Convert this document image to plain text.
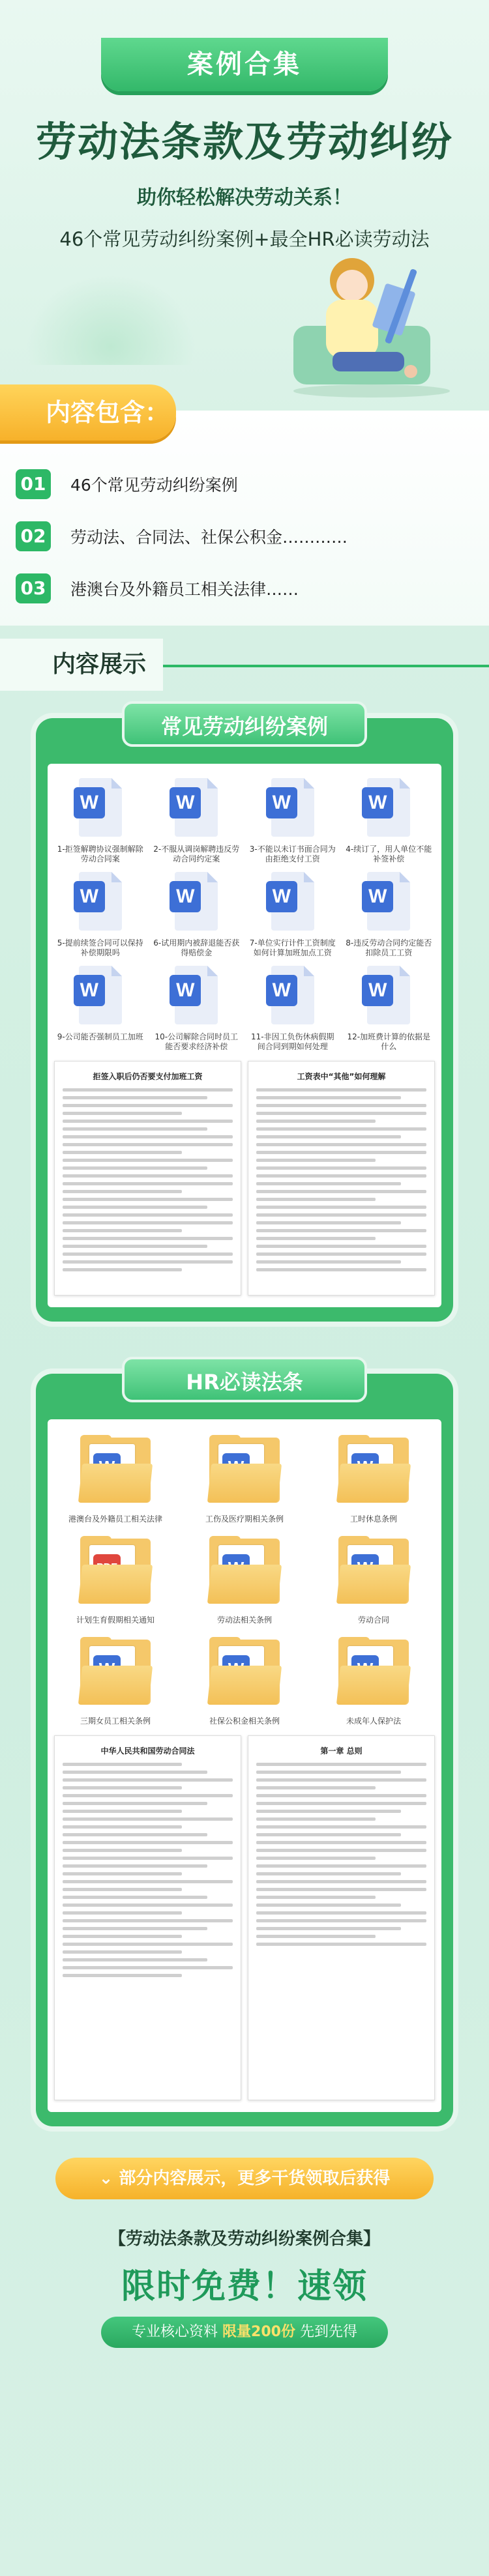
案例合集
劳动法条款及劳动纠纷
助你轻松解决劳动关系！
46个常见劳动纠纷案例+最全HR必读劳动法
内容包含：
01	46个常见劳动纠纷案例
02	劳动法、合同法、社保公积金…………
03	港澳台及外籍员工相关法律……
内容展示
常见劳动纠纷案例
W
1-拒签解聘协议强制解除劳动合同案
W
2-不服从调岗解聘违反劳动合同约定案
W
3-不能以未订书面合同为由拒绝支付工资
W
4-续订了，用人单位不能补签补偿
W
5-提前续签合同可以保持补偿期限吗
W
6-试用期内被辞退能否获得赔偿金
W
7-单位实行计件工资制度如何计算加班加点工资
W
8-违反劳动合同约定能否扣除员工工资
W
9-公司能否强制员工加班
W
10-公司解除合同时员工能否要求经济补偿
W
11-非因工负伤休病假期间合同到期如何处理
W
12-加班费计算的依据是什么
拒签入职后仍否要支付加班工资	工资表中“其他”如何理解
HR必读法条
港澳台及外籍员工相关法律	工伤及医疗期相关条例	工时休息条例
计划生育假期相关通知	劳动法相关条例	劳动合同
三期女员工相关条例	社保公积金相关条例	未成年人保护法
中华人民共和国劳动合同法	第一章 总则
⌄ 部分内容展示，更多干货领取后获得
【劳动法条款及劳动纠纷案例合集】
限时免费！速领
专业核心资料 限量200份 先到先得
